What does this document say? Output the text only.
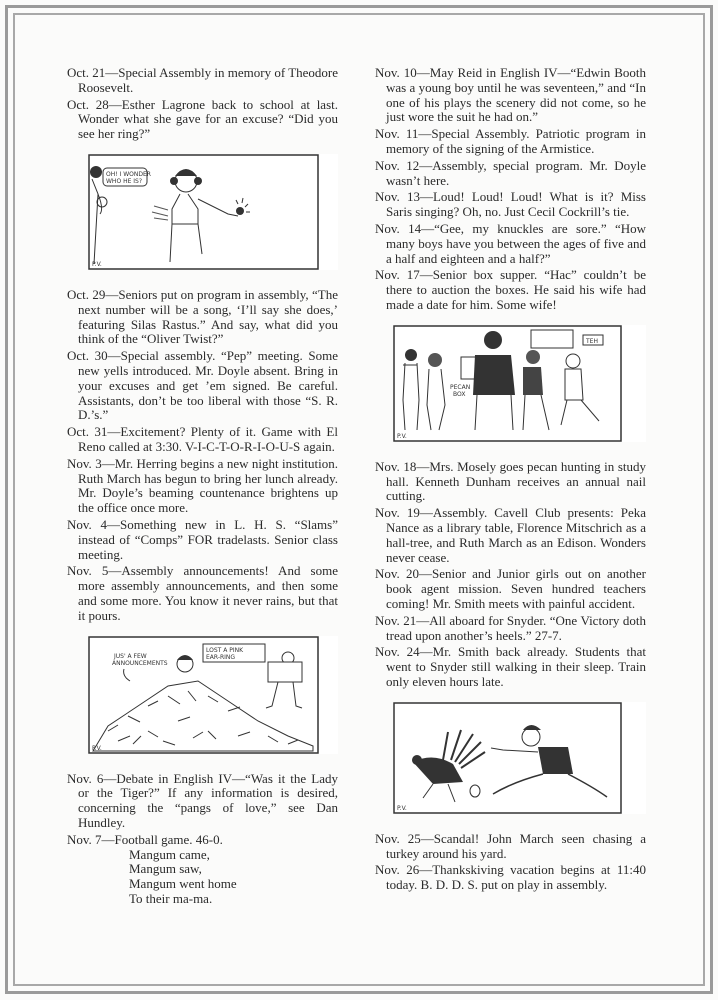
Oct. 21—Special Assembly in memory of Theodore Roosevelt.

Oct. 28—Esther Lagrone back to school at last. Wonder what she gave for an excuse? “Did you see her ring?”

OH! I WONDER
WHO HE IS?
P.V.

Oct. 29—Seniors put on program in assembly, “The next number will be a song, ‘I’ll say she does,’ featuring Silas Rastus.” And say, what did you think of the “Oliver Twist?”

Oct. 30—Special assembly. “Pep” meeting. Some new yells introduced. Mr. Doyle absent. Bring in your excuses and get ’em signed. Be careful. Assistants, don’t be too liberal with those “S. R. D.’s.”

Oct. 31—Excitement? Plenty of it. Game with El Reno called at 3:30. V-I-C-T-O-R-I-O-U-S again.

Nov. 3—Mr. Herring begins a new night institution. Ruth March has begun to bring her lunch already. Mr. Doyle’s beaming countenance brightens up the office once more.

Nov. 4—Something new in L. H. S. “Slams” instead of “Comps” FOR tradelasts. Senior class meeting.

Nov. 5—Assembly announcements! And some more assembly announcements, and then some and some more. You know it never rains, but that it pours.

JUS' A FEW
ANNOUNCEMENTS
LOST A PINK
EAR-RING
P.V.

Nov. 6—Debate in English IV—“Was it the Lady or the Tiger?” If any information is desired, concerning the “pangs of love,” see Dan Hundley.

Nov. 7—Football game. 46-0.

Mangum came,
Mangum saw,
Mangum went home
To their ma-ma.

Nov. 10—May Reid in English IV—“Edwin Booth was a young boy until he was seventeen,” and “In one of his plays the scenery did not come, so he just wore the suit he had on.”

Nov. 11—Special Assembly. Patriotic program in memory of the signing of the Armistice.

Nov. 12—Assembly, special program. Mr. Doyle wasn’t here.

Nov. 13—Loud! Loud! Loud! What is it? Miss Saris singing? Oh, no. Just Cecil Cockrill’s tie.

Nov. 14—“Gee, my knuckles are sore.” “How many boys have you between the ages of five and a half and eighteen and a half?”

Nov. 17—Senior box supper. “Hac” couldn’t be there to auction the boxes. He said his wife had made a date for him. Some wife!

PECAN
BOX
TEH
P.V.

Nov. 18—Mrs. Mosely goes pecan hunting in study hall. Kenneth Dunham receives an annual nail cutting.

Nov. 19—Assembly. Cavell Club presents: Peka Nance as a library table, Florence Mitschrich as a hall-tree, and Ruth March as an Edison. Wonders never cease.

Nov. 20—Senior and Junior girls out on another book agent mission. Seven hundred teachers coming! Mr. Smith meets with painful accident.

Nov. 21—All aboard for Snyder. “One Victory doth tread upon another’s heels.” 27-7.

Nov. 24—Mr. Smith back already. Students that went to Snyder still walking in their sleep. Train only eleven hours late.

P.V.

Nov. 25—Scandal! John March seen chasing a turkey around his yard.

Nov. 26—Thankskiving vacation begins at 11:40 today. B. D. D. S. put on play in assembly.
